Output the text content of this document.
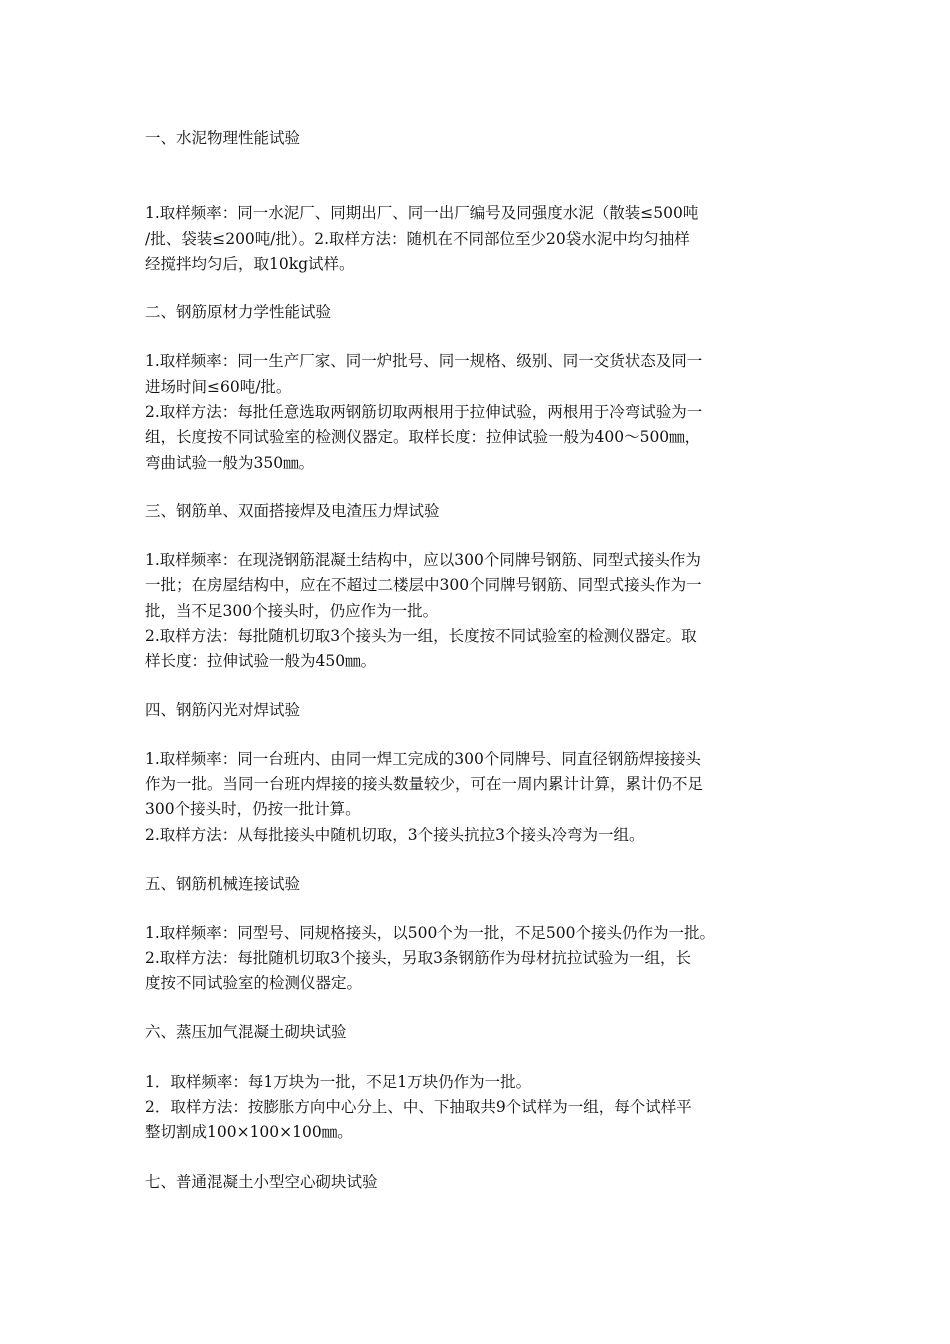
一、水泥物理性能试验
1.取样频率：同一水泥厂、同期出厂、同一出厂编号及同强度水泥（散装≤500吨
/批、袋装≤200吨/批）。2.取样方法：随机在不同部位至少20袋水泥中均匀抽样
经搅拌均匀后，取10kg试样。
二、钢筋原材力学性能试验
1.取样频率：同一生产厂家、同一炉批号、同一规格、级别、同一交货状态及同一
进场时间≤60吨/批。
2.取样方法：每批任意选取两钢筋切取两根用于拉伸试验，两根用于冷弯试验为一
组，长度按不同试验室的检测仪器定。取样长度：拉伸试验一般为400～500㎜，
弯曲试验一般为350㎜。
三、钢筋单、双面搭接焊及电渣压力焊试验
1.取样频率：在现浇钢筋混凝土结构中，应以300个同牌号钢筋、同型式接头作为
一批；在房屋结构中，应在不超过二楼层中300个同牌号钢筋、同型式接头作为一
批，当不足300个接头时，仍应作为一批。
2.取样方法：每批随机切取3个接头为一组，长度按不同试验室的检测仪器定。取
样长度：拉伸试验一般为450㎜。
四、钢筋闪光对焊试验
1.取样频率：同一台班内、由同一焊工完成的300个同牌号、同直径钢筋焊接接头
作为一批。当同一台班内焊接的接头数量较少，可在一周内累计计算，累计仍不足
300个接头时，仍按一批计算。
2.取样方法：从每批接头中随机切取，3个接头抗拉3个接头冷弯为一组。
五、钢筋机械连接试验
1.取样频率：同型号、同规格接头，以500个为一批，不足500个接头仍作为一批。
2.取样方法：每批随机切取3个接头，另取3条钢筋作为母材抗拉试验为一组，长
度按不同试验室的检测仪器定。
六、蒸压加气混凝土砌块试验
1．取样频率：每1万块为一批，不足1万块仍作为一批。
2．取样方法：按膨胀方向中心分上、中、下抽取共9个试样为一组，每个试样平
整切割成100×100×100㎜。
七、普通混凝土小型空心砌块试验
